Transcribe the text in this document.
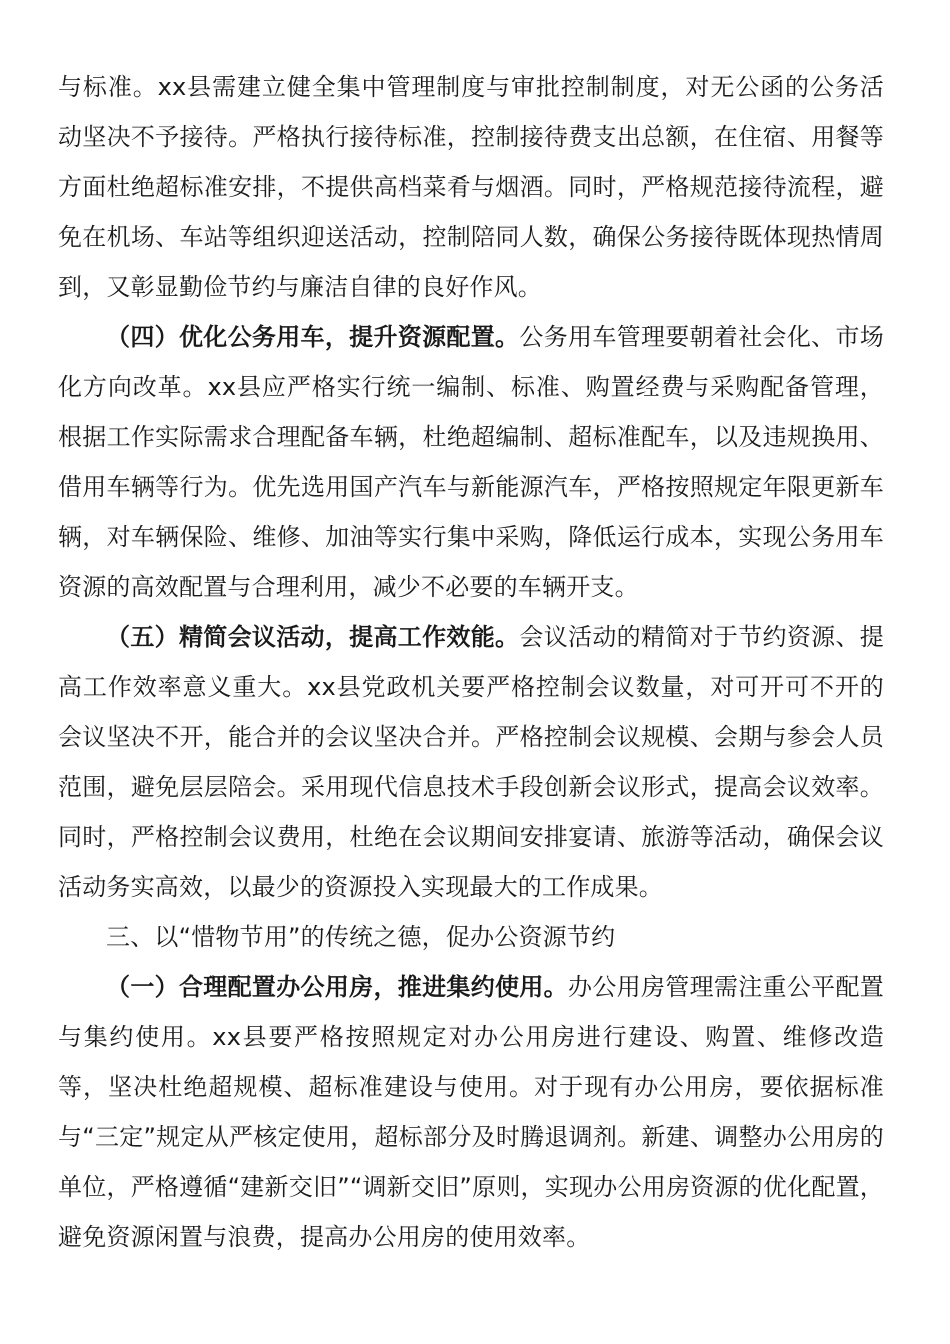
与标准。xx县需建立健全集中管理制度与审批控制制度，对无公函的公务活动坚决不予接待。严格执行接待标准，控制接待费支出总额，在住宿、用餐等方面杜绝超标准安排，不提供高档菜肴与烟酒。同时，严格规范接待流程，避免在机场、车站等组织迎送活动，控制陪同人数，确保公务接待既体现热情周到，又彰显勤俭节约与廉洁自律的良好作风。

（四）优化公务用车，提升资源配置。公务用车管理要朝着社会化、市场化方向改革。xx县应严格实行统一编制、标准、购置经费与采购配备管理，根据工作实际需求合理配备车辆，杜绝超编制、超标准配车，以及违规换用、借用车辆等行为。优先选用国产汽车与新能源汽车，严格按照规定年限更新车辆，对车辆保险、维修、加油等实行集中采购，降低运行成本，实现公务用车资源的高效配置与合理利用，减少不必要的车辆开支。

（五）精简会议活动，提高工作效能。会议活动的精简对于节约资源、提高工作效率意义重大。xx县党政机关要严格控制会议数量，对可开可不开的会议坚决不开，能合并的会议坚决合并。严格控制会议规模、会期与参会人员范围，避免层层陪会。采用现代信息技术手段创新会议形式，提高会议效率。同时，严格控制会议费用，杜绝在会议期间安排宴请、旅游等活动，确保会议活动务实高效，以最少的资源投入实现最大的工作成果。

三、以“惜物节用”的传统之德，促办公资源节约

（一）合理配置办公用房，推进集约使用。办公用房管理需注重公平配置与集约使用。xx县要严格按照规定对办公用房进行建设、购置、维修改造等，坚决杜绝超规模、超标准建设与使用。对于现有办公用房，要依据标准与“三定”规定从严核定使用，超标部分及时腾退调剂。新建、调整办公用房的单位，严格遵循“建新交旧”“调新交旧”原则，实现办公用房资源的优化配置，避免资源闲置与浪费，提高办公用房的使用效率。
